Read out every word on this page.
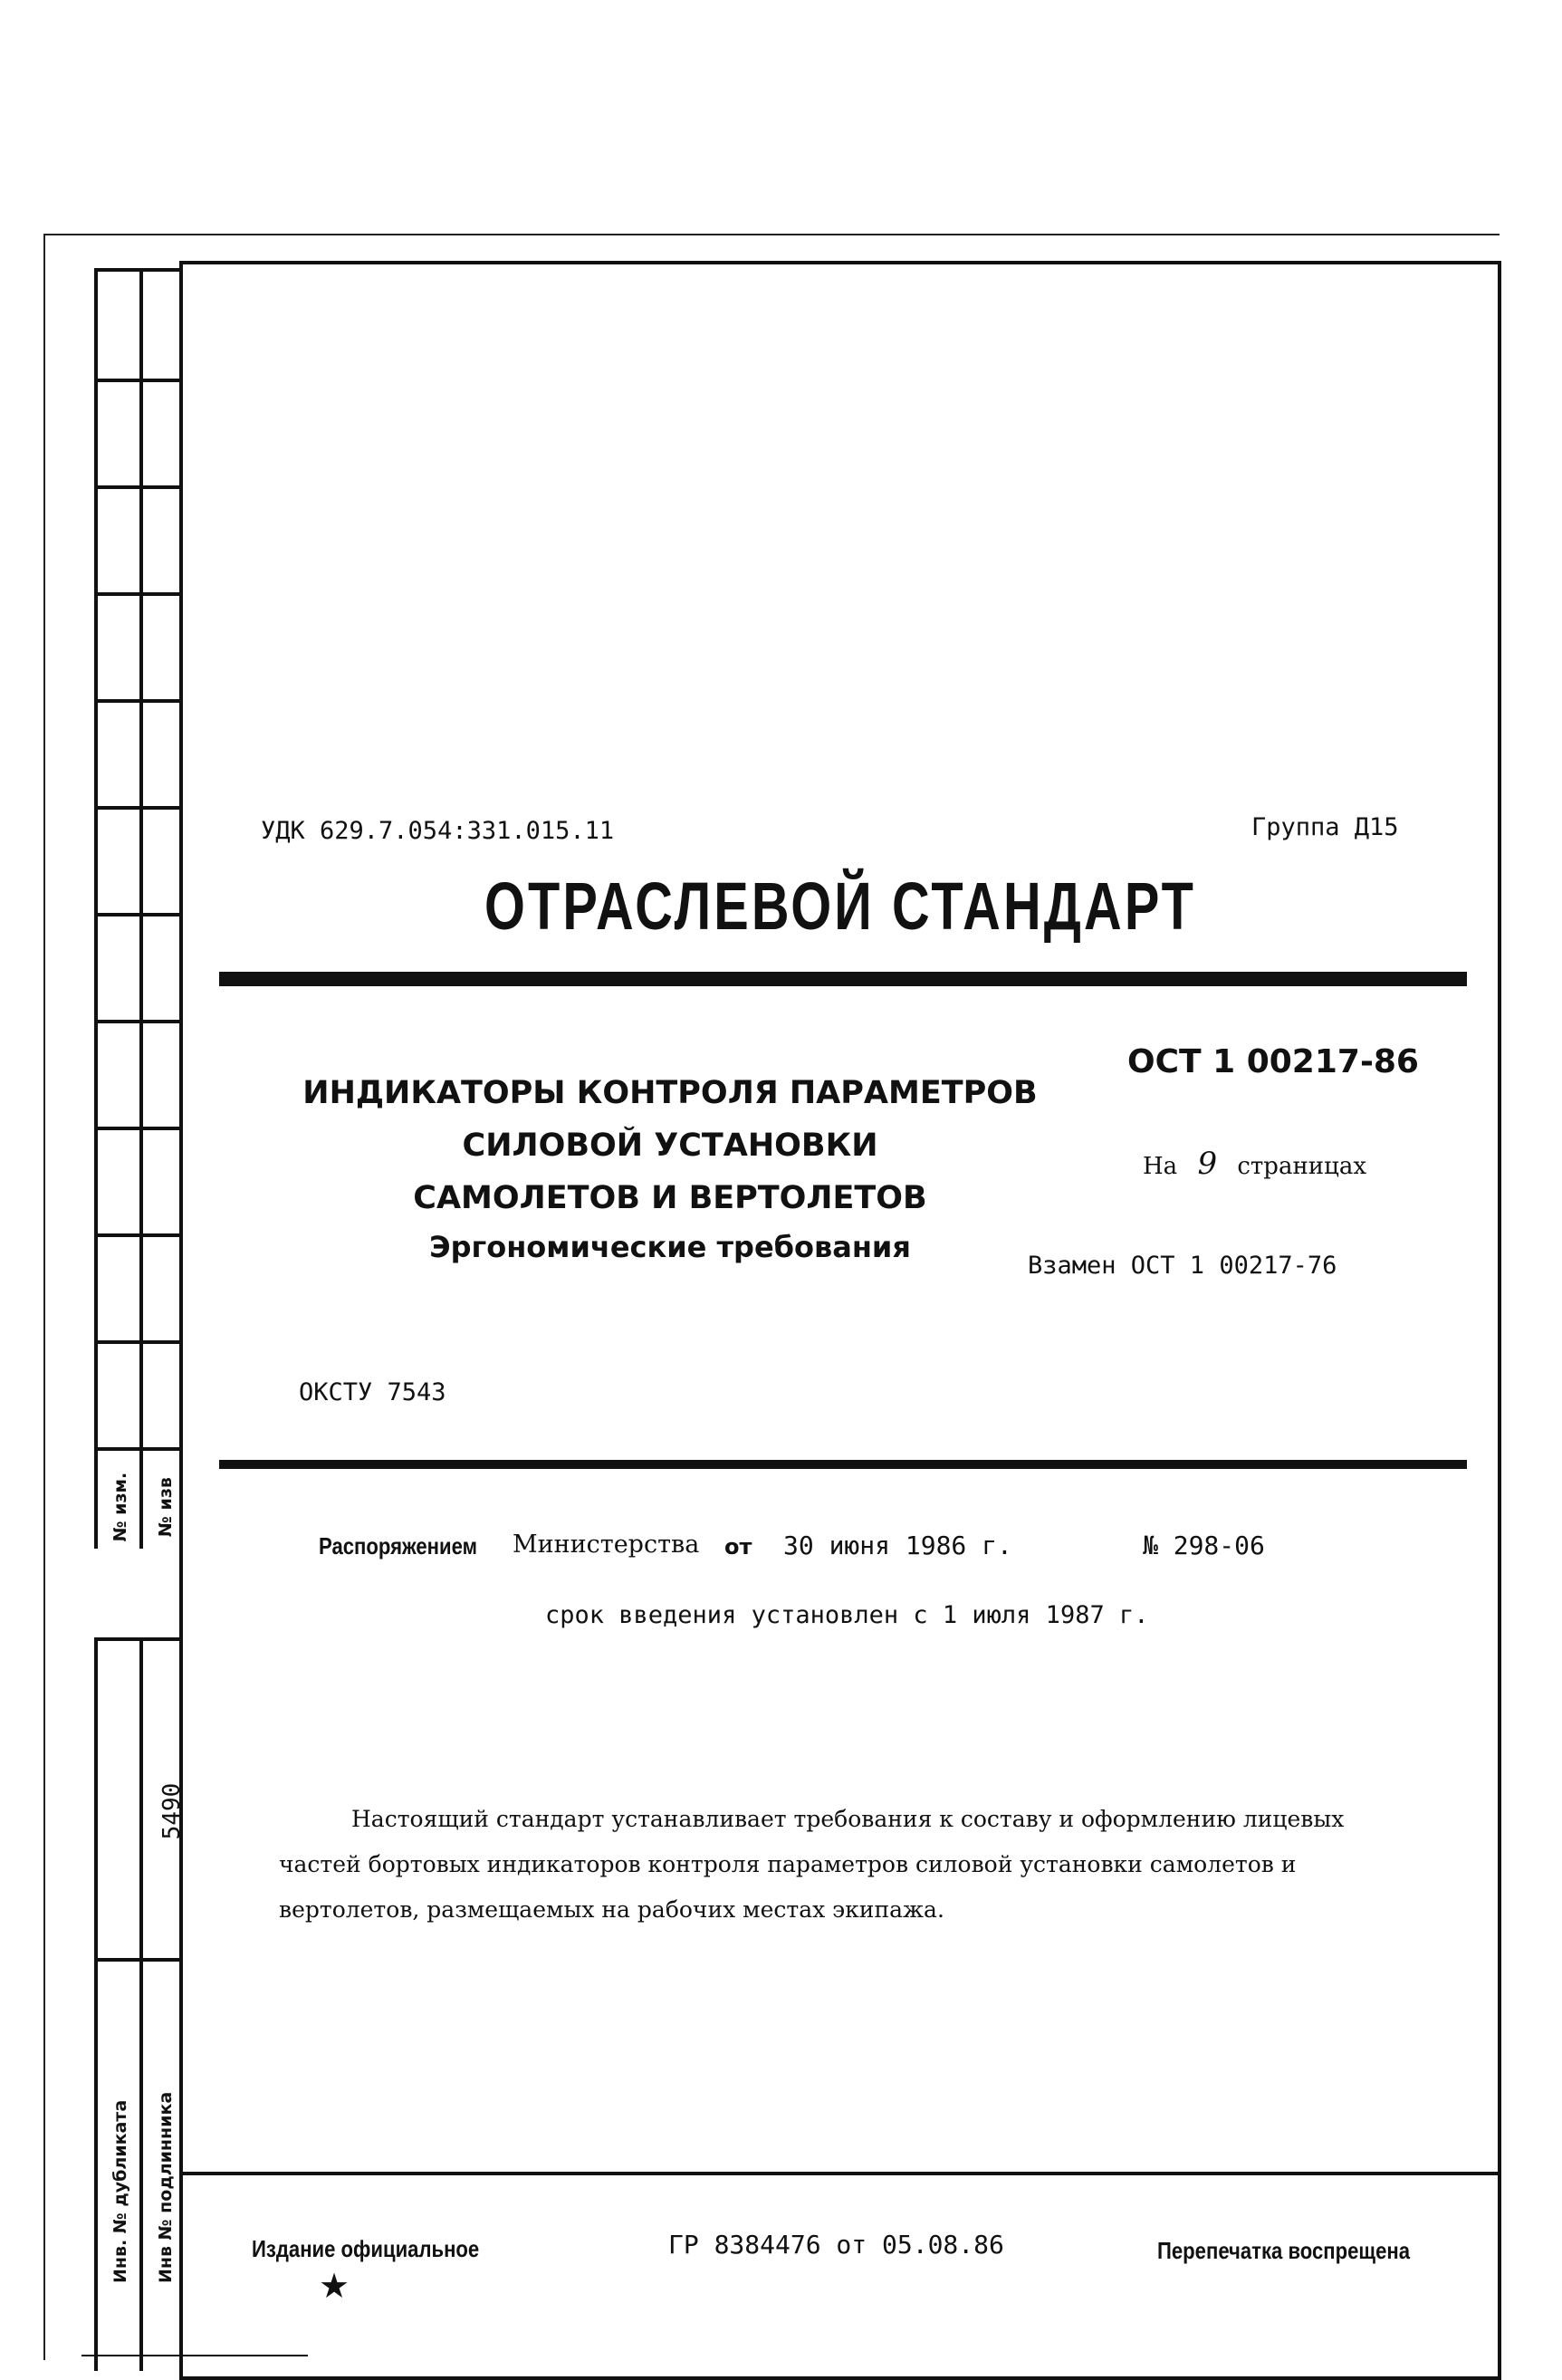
№ изм. № изв
5490
Инв. № дубликата Инв № подлинника
УДК 629.7.054:331.015.11	Группа Д15
ОТРАСЛЕВОЙ СТАНДАРТ
ИНДИКАТОРЫ КОНТРОЛЯ ПАРАМЕТРОВ
СИЛОВОЙ УСТАНОВКИ
САМОЛЕТОВ И ВЕРТОЛЕТОВ
Эргономические требования
ОСТ 1 00217-86
На 9 страницах
Взамен ОСТ 1 00217-76
ОКСТУ 7543
Распоряжением Министерства от 30 июня 1986 г.	№ 298-06
срок введения установлен с 1 июля 1987 г.
Настоящий стандарт устанавливает требования к составу и оформлению лицевых
частей бортовых индикаторов контроля параметров силовой установки самолетов и
вертолетов, размещаемых на рабочих местах экипажа.
Издание официальное
★
ГР 8384476 от 05.08.86	Перепечатка воспрещена
